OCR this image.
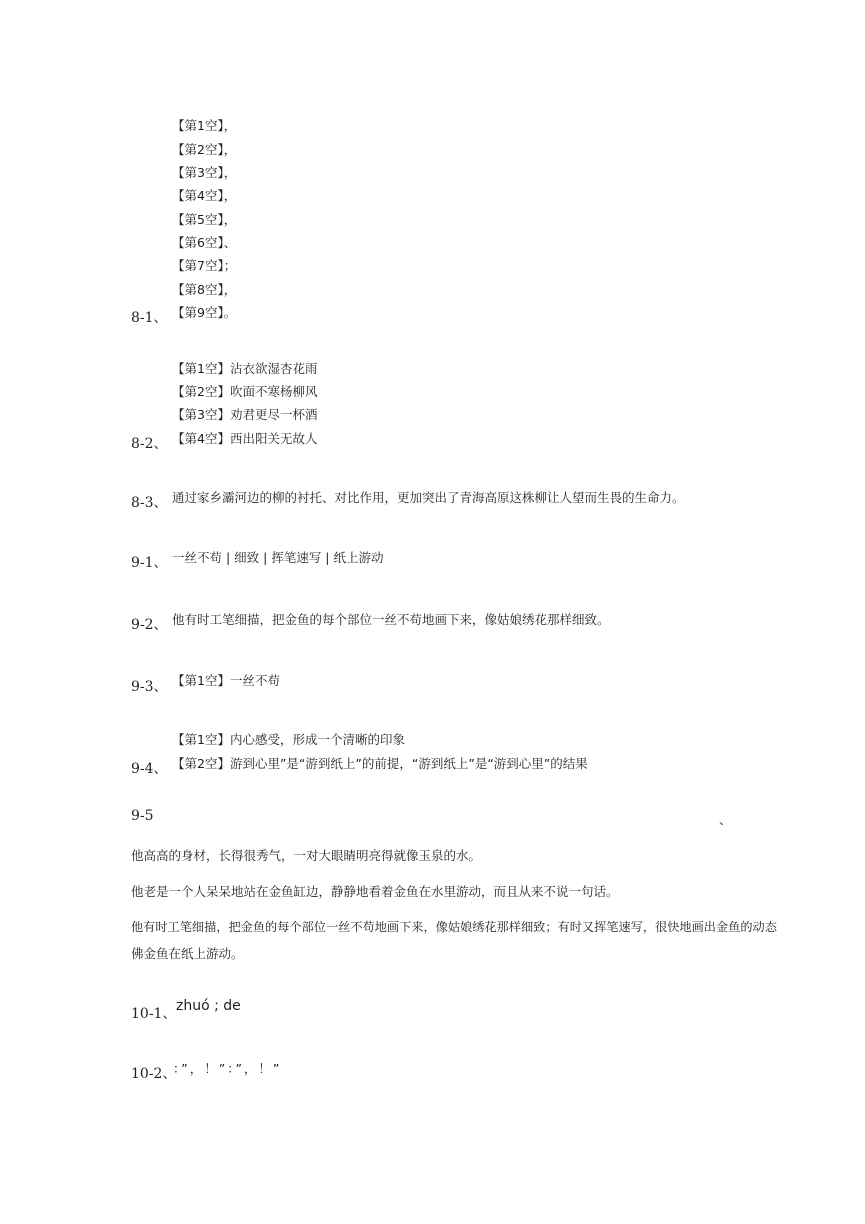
【第1空】，
【第2空】，
【第3空】，
【第4空】，
【第5空】，
【第6空】、
【第7空】；
【第8空】，
8-1、 【第9空】。
【第1空】沾衣欲湿杏花雨
【第2空】吹面不寒杨柳风
【第3空】劝君更尽一杯酒
8-2、 【第4空】西出阳关无故人
8-3、 通过家乡灞河边的柳的衬托、对比作用，更加突出了青海高原这株柳让人望而生畏的生命力。
9-1、 一丝不苟 | 细致 | 挥笔速写 | 纸上游动
9-2、 他有时工笔细描，把金鱼的每个部位一丝不苟地画下来，像姑娘绣花那样细致。
9-3、 【第1空】一丝不苟
【第1空】内心感受，形成一个清晰的印象
9-4、 【第2空】游到心里”是“游到纸上”的前提，“游到纸上”是“游到心里”的结果
9-5	、
他高高的身材，长得很秀气，一对大眼睛明亮得就像玉泉的水。
他老是一个人呆呆地站在金鱼缸边，静静地看着金鱼在水里游动，而且从来不说一句话。
他有时工笔细描，把金鱼的每个部位一丝不苟地画下来，像姑娘绣花那样细致；有时又挥笔速写，很快地画出金鱼的动态
佛金鱼在纸上游动。
10-1、 zhuó ; de
10-2、
：”，！”：”，！”
